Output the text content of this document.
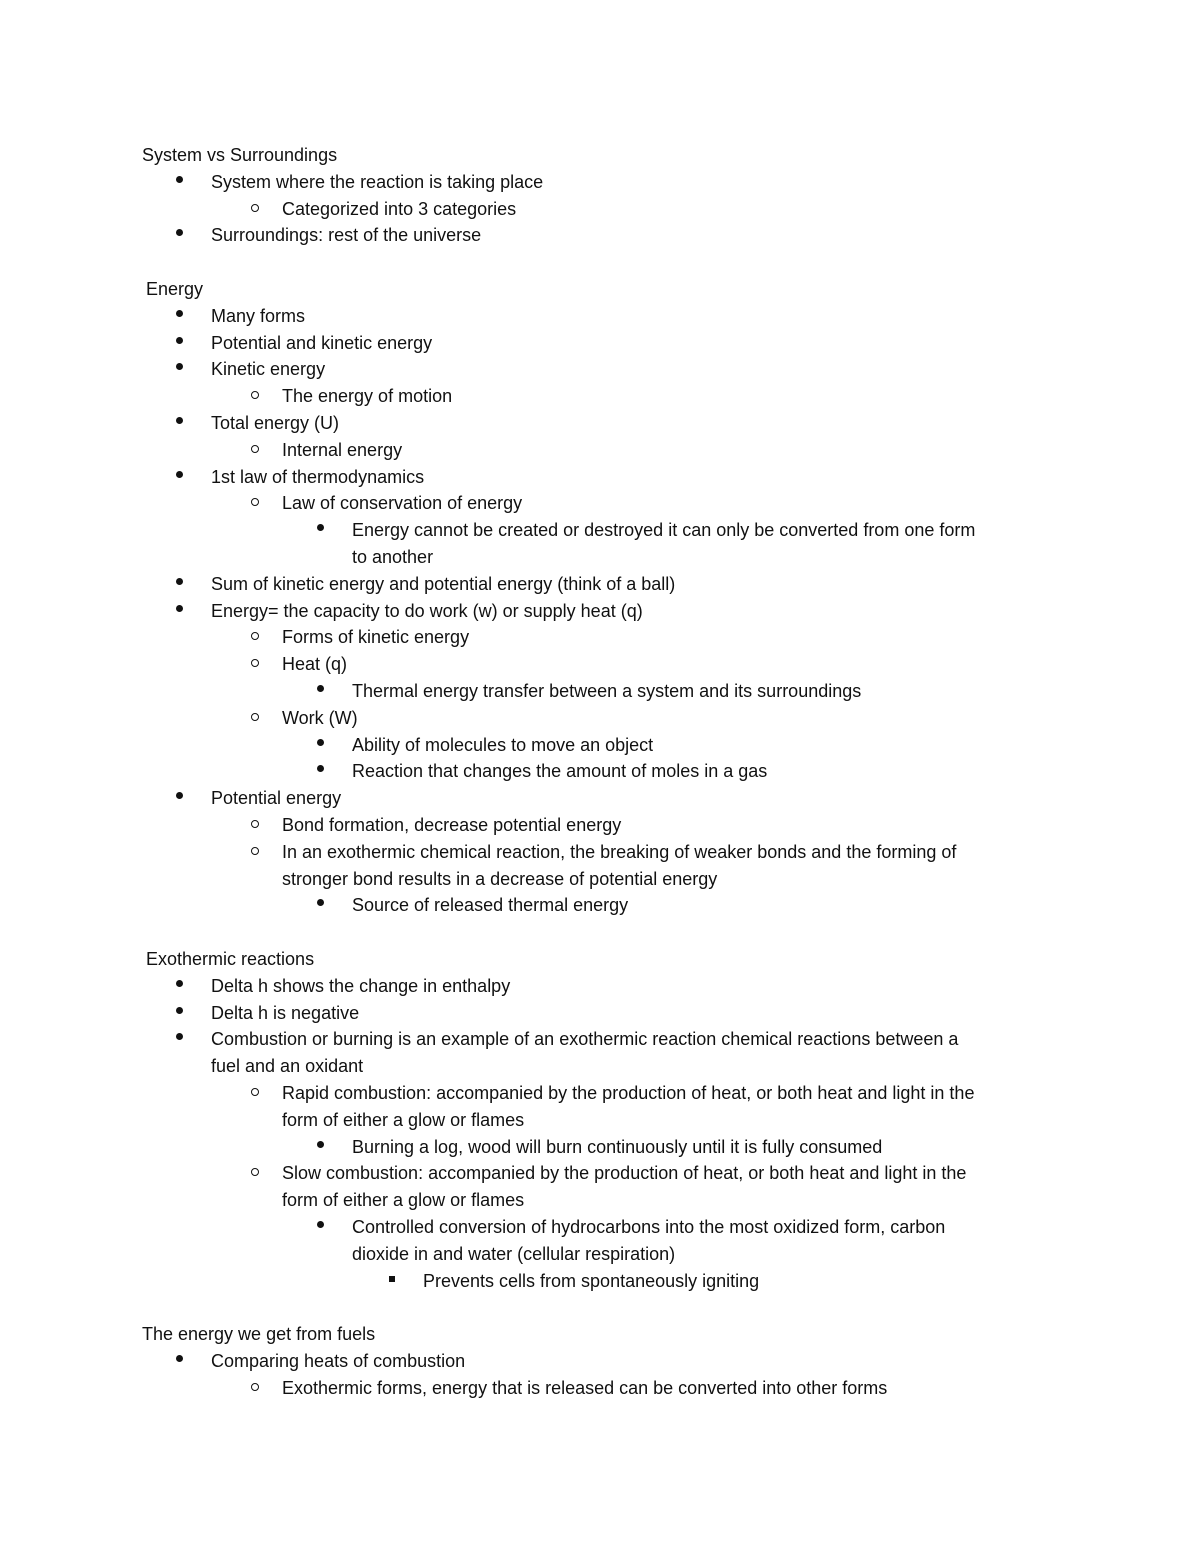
System vs Surroundings
System where the reaction is taking place
Categorized into 3 categories
Surroundings: rest of the universe
Energy
Many forms
Potential and kinetic energy
Kinetic energy
The energy of motion
Total energy (U)
Internal energy
1st law of thermodynamics
Law of conservation of energy
Energy cannot be created or destroyed it can only be converted from one form
to another
Sum of kinetic energy and potential energy (think of a ball)
Energy= the capacity to do work (w) or supply heat (q)
Forms of kinetic energy
Heat (q)
Thermal energy transfer between a system and its surroundings
Work (W)
Ability of molecules to move an object
Reaction that changes the amount of moles in a gas
Potential energy
Bond formation, decrease potential energy
In an exothermic chemical reaction, the breaking of weaker bonds and the forming of
stronger bond results in a decrease of potential energy
Source of released thermal energy
Exothermic reactions
Delta h shows the change in enthalpy
Delta h is negative
Combustion or burning is an example of an exothermic reaction chemical reactions between a
fuel and an oxidant
Rapid combustion: accompanied by the production of heat, or both heat and light in the
form of either a glow or flames
Burning a log, wood will burn continuously until it is fully consumed
Slow combustion: accompanied by the production of heat, or both heat and light in the
form of either a glow or flames
Controlled conversion of hydrocarbons into the most oxidized form, carbon
dioxide in and water (cellular respiration)
Prevents cells from spontaneously igniting
The energy we get from fuels
Comparing heats of combustion
Exothermic forms, energy that is released can be converted into other forms
